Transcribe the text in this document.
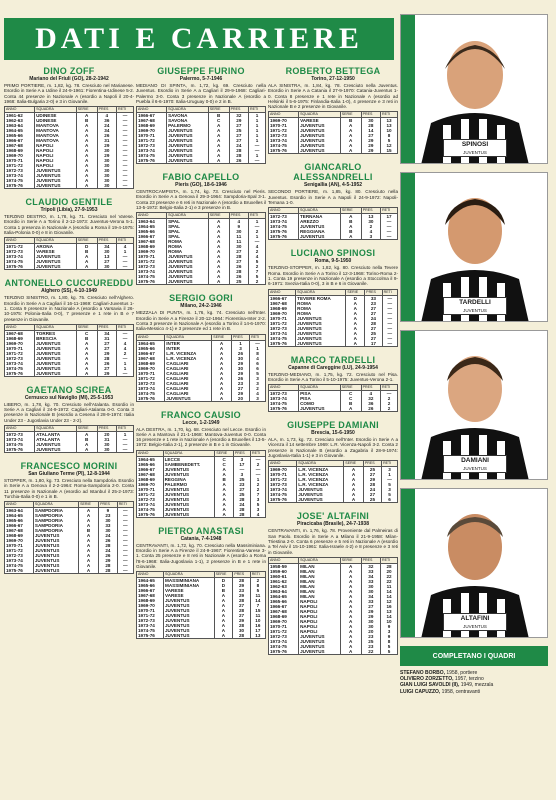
DATI E CARRIERE
DINO ZOFF
Mariano del Friuli (GO), 28-2-1942
PRIMO PORTIERE, m. 1,82, kg. 78. Cresciuto nel Marianese. Esordio in Serie A a Udine il 24-9-1961: Fiorentina-Udinese 5-2. Conta 44 presenze in Nazionale A (esordio a Napoli il 20-4-1968: Italia-Bulgaria 2-0) e 3 in Giovanile.
ANNO	SQUADRA	SERIE	PRES	RETI
1961-62	UDINESE	A	4	—
1962-63	UDINESE	B	36	—
1963-64	MANTOVA	A	24	—
1964-65	MANTOVA	A	34	—
1965-66	MANTOVA	A	26	—
1966-67	MANTOVA	A	31	—
1967-68	NAPOLI	A	29	—
1968-69	NAPOLI	A	30	—
1969-70	NAPOLI	A	29	—
1970-71	NAPOLI	A	30	—
1971-72	NAPOLI	A	30	—
1972-73	JUVENTUS	A	30	—
1973-74	JUVENTUS	A	30	—
1974-75	JUVENTUS	A	30	—
1975-76	JUVENTUS	A	30	—
CLAUDIO GENTILE
Tripoli (Libia), 27-9-1953
TERZINO DESTRO, m. 1,78, kg. 71. Cresciuto nel Varese. Esordio in Serie A a Torino il 2-12-1973: Juventus-Verona 5-1. Conta 1 presenza in Nazionale A (esordio a Roma il 19-4-1975: Italia-Polonia 0-0) e 8 in Giovanile.
ANNO	SQUADRA	SERIE	PRES	RETI
1971-72	ARONA	D	34	4
1972-73	VARESE	B	30	1
1973-74	JUVENTUS	A	13	—
1974-75	JUVENTUS	A	27	—
1975-76	JUVENTUS	A	30	—
ANTONELLO CUCCUREDDU
Alghero (SS), 4-10-1949
TERZINO SINISTRO, m. 1,80, kg. 75. Cresciuto nell'Alghero. Esordio in Serie A a Cagliari il 16-11-1969: Cagliari-Juventus 1-1. Conta 9 presenze in Nazionale A (esordio a Varsavia il 26-10-1975: Polonia-Italia 0-0), 7 presenze e 1 rete in B e 7 presenze in Giovanile.
ANNO	SQUADRA	SERIE	PRES	RETI
1967-68	TORRES	C	34	—
1968-69	BRESCIA	B	31	—
1969-70	JUVENTUS	A	27	4
1970-71	JUVENTUS	A	27	4
1971-72	JUVENTUS	A	29	2
1972-73	JUVENTUS	A	28	—
1973-74	JUVENTUS	A	26	1
1974-75	JUVENTUS	A	27	1
1975-76	JUVENTUS	A	29	—
GAETANO SCIREA
Cernusco sul Naviglio (MI), 25-5-1953
LIBERO, m. 1,78, kg. 70. Cresciuto nell'Atalanta. Esordio in Serie A a Cagliari il 24-9-1972: Cagliari-Atalanta 0-0. Conta 3 presenze in Nazionale B (esordio a Cesena il 28-9-1974: Italia Under 23 - Jugoslavia Under 23 - 2-2).
ANNO	SQUADRA	SERIE	PRES	RETI
1972-73	ATALANTA	A	20	1
1973-74	ATALANTA	B	31	—
1974-75	JUVENTUS	A	30	—
1975-76	JUVENTUS	A	30	—
FRANCESCO MORINI
San Giuliano Terme (PI), 12-8-1944
STOPPER, m. 1,80, kg. 73. Cresciuto nella Sampdoria. Esordio in Serie A a Genova il 2-2-1964: Roma-Sampdoria 2-0. Conta 11 presenze in Nazionale A (esordio ad Istanbul il 25-2-1973: Turchia-Italia 0-0) e 1 in B.
ANNO	SQUADRA	SERIE	PRES	RETI
1963-64	SAMPDORIA	A	9	—
1964-65	SAMPDORIA	A	23	—
1965-66	SAMPDORIA	A	30	—
1966-67	SAMPDORIA	A	33	—
1967-68	SAMPDORIA	B	30	—
1968-69	JUVENTUS	A	24	—
1969-70	JUVENTUS	A	26	—
1970-71	JUVENTUS	A	28	—
1971-72	JUVENTUS	A	24	—
1972-73	JUVENTUS	A	26	—
1973-74	JUVENTUS	A	29	—
1974-75	JUVENTUS	A	28	—
1975-76	JUVENTUS	A	28	—
GIUSEPPE FURINO
Palermo, 5-7-1946
MEDIANO DI SPINTA, m. 1,72, kg. 69. Cresciuto nella Juventus. Esordio in Serie A a Cagliari il 29-9-1968: Cagliari-Palermo 3-0. Conta 3 presenze in Nazionale A (esordio a Puebla il 6-6-1970: Italia-Uruguay 0-0) e 2 in B.
ANNO	SQUADRA	SERIE	PRES	RETI
1966-67	SAVONA	B	32	1
1967-68	SAVONA	C	29	1
1968-69	PALERMO	A	27	1
1969-70	JUVENTUS	A	25	1
1970-71	JUVENTUS	A	27	1
1971-72	JUVENTUS	A	27	1
1972-73	JUVENTUS	A	24	—
1973-74	JUVENTUS	A	28	—
1974-75	JUVENTUS	A	28	1
1975-76	JUVENTUS	A	26	—
FABIO CAPELLO
Pieris (GO), 18-6-1946
CENTROCAMPISTA, m. 1,74, kg. 73. Cresciuto nel Pieris. Esordio in Serie A a Genova il 29-3-1964: Sampdoria-Spal 3-1. Conta 23 presenze e 6 reti in Nazionale A (esordio a Bruxelles il 13-5-1972: Belgio-Italia 2-1) e 3 presenze in B.
ANNO	SQUADRA	SERIE	PRES	RETI
1963-64	SPAL	A	4	1
1964-65	SPAL	A	9	—
1965-66	SPAL	A	30	2
1966-67	SPAL	A	11	1
1967-68	ROMA	A	11	—
1968-69	ROMA	A	30	4
1969-70	ROMA	A	27	2
1970-71	JUVENTUS	A	28	4
1971-72	JUVENTUS	A	27	5
1972-73	JUVENTUS	A	26	2
1973-74	JUVENTUS	A	28	7
1974-75	JUVENTUS	A	26	5
1975-76	JUVENTUS	A	25	2
SERGIO GORI
Milano, 24-2-1946
MEZZALA DI PUNTA, m. 1,76, kg. 74. Cresciuto nell'Inter. Esordio in Serie A a Firenze il 20-12-1964: Fiorentina-Inter 2-2. Conta 3 presenze in Nazionale A (esordio a Torino il 14-6-1970: Italia-Messico 4-1) e 3 presenze ed 1 rete in B.
ANNO	SQUADRA	SERIE	PRES	RETI
1964-65	INTER	A	1	—
1965-66	INTER	A	3	1
1966-67	L.R. VICENZA	A	26	8
1967-68	L.R. VICENZA	A	30	4
1968-69	CAGLIARI	A	29	6
1969-70	CAGLIARI	A	30	6
1970-71	CAGLIARI	A	29	5
1971-72	CAGLIARI	A	26	3
1972-73	CAGLIARI	A	23	3
1973-74	CAGLIARI	A	27	2
1974-75	CAGLIARI	A	29	4
1975-76	JUVENTUS	A	20	3
FRANCO CAUSIO
Lecce, 1-2-1949
ALA DESTRA, m. 1,70, kg. 68. Cresciuto nel Lecce. Esordio in Serie A a Mantova il 21-1-1968: Mantova-Juventus 0-0. Conta 16 presenze e 1 rete in Nazionale A (esordio a Bruxelles il 13-5-1972: Belgio-Italia 2-1), 2 presenze in B e 1 in Giovanile.
ANNO	SQUADRA	SERIE	PRES	RETI
1964-65	LECCE	C	3	—
1965-66	SAMBENEDETT.	C	17	2
1966-67	JUVENTUS	A	—	—
1967-68	JUVENTUS	A	3	—
1968-69	REGGINA	B	25	1
1969-70	PALERMO	A	23	2
1970-71	JUVENTUS	A	27	2
1971-72	JUVENTUS	A	25	7
1972-73	JUVENTUS	A	28	3
1973-74	JUVENTUS	A	24	5
1974-75	JUVENTUS	A	28	3
1975-76	JUVENTUS	A	28	4
PIETRO ANASTASI
Catania, 7-4-1948
CENTRAVANTI, m. 1,72, kg. 70. Cresciuto nella Massiminiana. Esordio in Serie A a Firenze il 24-9-1967: Fiorentina-Varese 3-1. Conta 25 presenze e 8 reti in Nazionale A (esordio a Roma l'8-6-1968: Italia-Jugoslavia 1-1), 2 presenze in B e 1 rete in Giovanile.
ANNO	SQUADRA	SERIE	PRES	RETI
1964-65	MASSIMINIANA	D	28	2
1965-66	MASSIMINIANA	D	29	8
1966-67	VARESE	B	23	5
1967-68	VARESE	A	29	11
1968-69	JUVENTUS	A	28	14
1969-70	JUVENTUS	A	27	7
1970-71	JUVENTUS	A	28	15
1971-72	JUVENTUS	A	27	11
1972-73	JUVENTUS	A	29	10
1973-74	JUVENTUS	A	28	16
1974-75	JUVENTUS	A	30	17
1975-76	JUVENTUS	A	28	13
ROBERTO BETTEGA
Torino, 27-12-1950
ALA SINISTRA, m. 1,84, kg. 78. Cresciuto nella Juventus. Esordio in Serie A a Catania il 27-9-1970: Catania-Juventus 1-0. Conta 8 presenze e 1 rete in Nazionale A (esordio ad Helsinki il 5-6-1975: Finlandia-Italia 1-0), 4 presenze e 3 reti in Nazionale B e 2 presenze in Giovanile.
ANNO	SQUADRA	SERIE	PRES	RETI
1969-70	VARESE	B	30	13
1970-71	JUVENTUS	A	28	13
1971-72	JUVENTUS	A	14	10
1972-73	JUVENTUS	A	27	8
1973-74	JUVENTUS	A	29	5
1974-75	JUVENTUS	A	29	12
1975-76	JUVENTUS	A	29	15
GIANCARLO ALESSANDRELLI
Senigallia (AN), 4-5-1952
SECONDO PORTIERE, m. 1,85, kg. 80. Cresciuto nella Juventus. Esordio in Serie A a Napoli il 24-9-1972: Napoli-Ternana 1-0.
ANNO	SQUADRA	SERIE	PRES	RETI
1972-73	TERNANA	A	13	17
1973-74	AREZZO	B	30	—
1974-75	JUVENTUS	A	2	—
1975-76	REGGIANA	B	4	—
1975-76	JUVENTUS	A	3	—
LUCIANO SPINOSI
Roma, 9-5-1950
TERZINO-STOPPER, m. 1,82, kg. 80. Cresciuto nella Tevere Roma. Esordio in Serie A a Torino il 12-3-1968: Torino-Roma 2-1. Conta 19 presenze in Nazionale A (esordio a Stoccolma il 9-6-1971: Svezia-Italia 0-0), 3 in B e 6 in Giovanile.
ANNO	SQUADRA	SERIE	PRES	RETI
1966-67	TEVERE ROMA	D	33	—
1967-68	ROMA	A	23	—
1968-69	ROMA	A	27	—
1969-70	ROMA	A	27	—
1970-71	JUVENTUS	A	24	—
1971-72	JUVENTUS	A	28	—
1972-73	JUVENTUS	A	27	—
1973-74	JUVENTUS	A	25	—
1974-75	JUVENTUS	A	27	—
1975-76	JUVENTUS	A	17	—
MARCO TARDELLI
Capanne di Careggine (LU), 24-9-1954
TERZINO-MEDIANO, m. 1,75, kg. 72. Cresciuto nel Pisa. Esordio in Serie A a Torino il 5-10-1975: Juventus-Verona 2-1.
ANNO	SQUADRA	SERIE	PRES	RETI
1972-73	PISA	C	4	—
1973-74	PISA	C	32	2
1974-75	COMO	B	36	2
1975-76	JUVENTUS	A	26	2
GIUSEPPE DAMIANI
Brescia, 15-6-1950
ALA, m. 1,73, kg. 72. Cresciuto nell'Inter. Esordio in Serie A a Vicenza il 14 settembre 1969: L.R. Vicenza-Napoli 3-2. Conta 2 presenze in Nazionale B (esordio a Zagabria il 28-9-1974: Jugoslavia-Italia 1-1) e 3 in Giovanile.
ANNO	SQUADRA	SERIE	PRES	RETI
1969-70	L.R. VICENZA	A	25	3
1970-71	L.R. VICENZA	A	27	1
1971-72	L.R. VICENZA	A	29	—
1972-73	L.R. VICENZA	A	28	5
1973-74	JUVENTUS	A	24	3
1974-75	JUVENTUS	A	27	5
1975-76	JUVENTUS	A	25	6
JOSE' ALTAFINI
Piracicaba (Brasile), 24-7-1938
CENTRAVANTI, m. 1,76, kg. 78. Proveniente dal Palmeiras di San Paolo. Esordio in Serie A a Milano il 21-9-1958: Milan-Triestina 2-0. Conta 6 presenze e 5 reti in Nazionale A (esordio a Tel Aviv il 15-10-1961: Italia-Israele 4-2) e 8 presenze e 3 reti in Giovanile.
ANNO	SQUADRA	SERIE	PRES	RETI
1958-59	MILAN	A	32	28
1959-60	MILAN	A	33	20
1960-61	MILAN	A	34	22
1961-62	MILAN	A	33	22
1962-63	MILAN	A	30	11
1963-64	MILAN	A	30	14
1964-65	MILAN	A	34	14
1965-66	NAPOLI	A	33	12
1966-67	NAPOLI	A	27	16
1967-68	NAPOLI	A	29	13
1968-69	NAPOLI	A	29	14
1969-70	NAPOLI	A	30	10
1970-71	NAPOLI	A	30	9
1971-72	NAPOLI	A	20	3
1972-73	JUVENTUS	A	23	9
1973-74	JUVENTUS	A	25	8
1974-75	JUVENTUS	A	23	5
1975-76	JUVENTUS	A	22	5
SPINOSI
JUVENTUS
TARDELLI
JUVENTUS
DAMIANI
JUVENTUS
ALTAFINI
JUVENTUS
COMPLETANO I QUADRI
STEFANO BORBO, 1958, portiere
OLIVIERO ZORZETTO, 1957, terzino
GIAN LUIGI SAVOLDI (II), 1949, mezzala
LUIGI CAPUZZO, 1958, centravanti
